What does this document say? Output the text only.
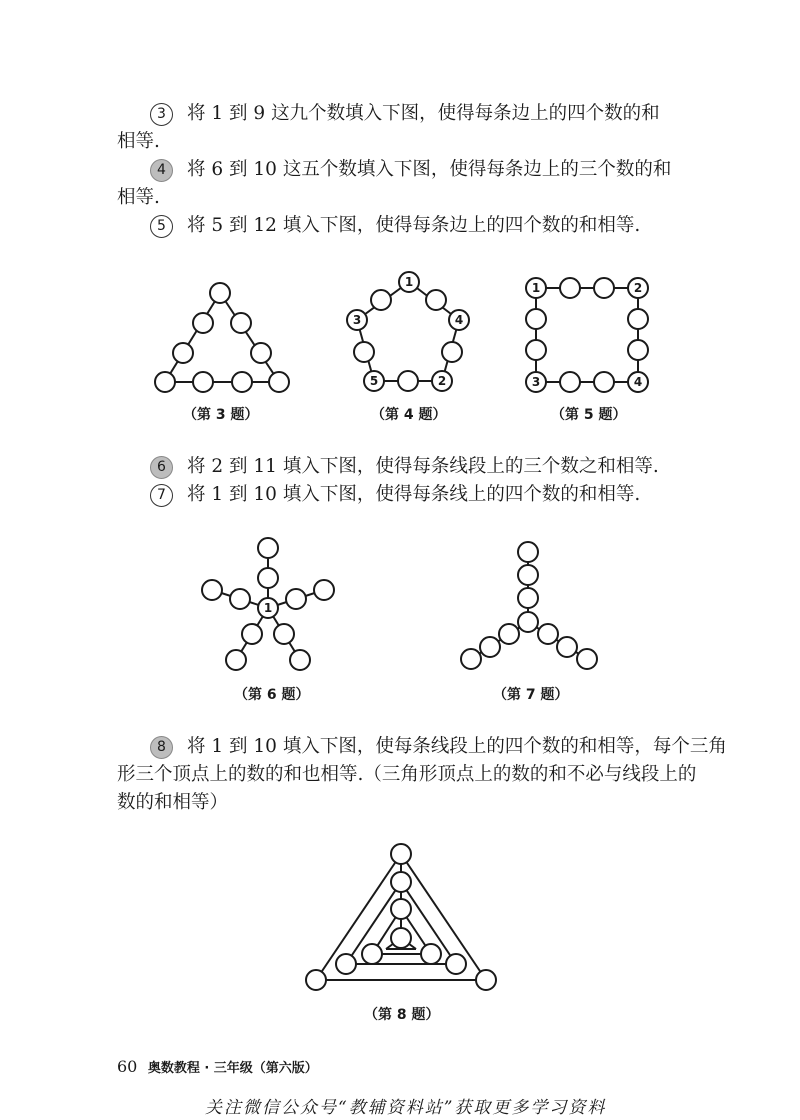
3 将 1 到 9 这九个数填入下图，使得每条边上的四个数的和
相等.
4 将 6 到 10 这五个数填入下图，使得每条边上的三个数的和
相等.
5 将 5 到 12 填入下图，使得每条边上的四个数的和相等.
6 将 2 到 11 填入下图，使得每条线段上的三个数之和相等.
7 将 1 到 10 填入下图，使得每条线上的四个数的和相等.
8 将 1 到 10 填入下图，使每条线段上的四个数的和相等，每个三角
形三个顶点上的数的和也相等.（三角形顶点上的数的和不必与线段上的
数的和相等）
1
3	4
5	2
1	2
3	4
1
（第 3 题）	（第 4 题）	（第 5 题）
（第 6 题）	（第 7 题）
（第 8 题）
60 奥数教程 · 三年级（第六版）
关注微信公众号“教辅资料站”获取更多学习资料
